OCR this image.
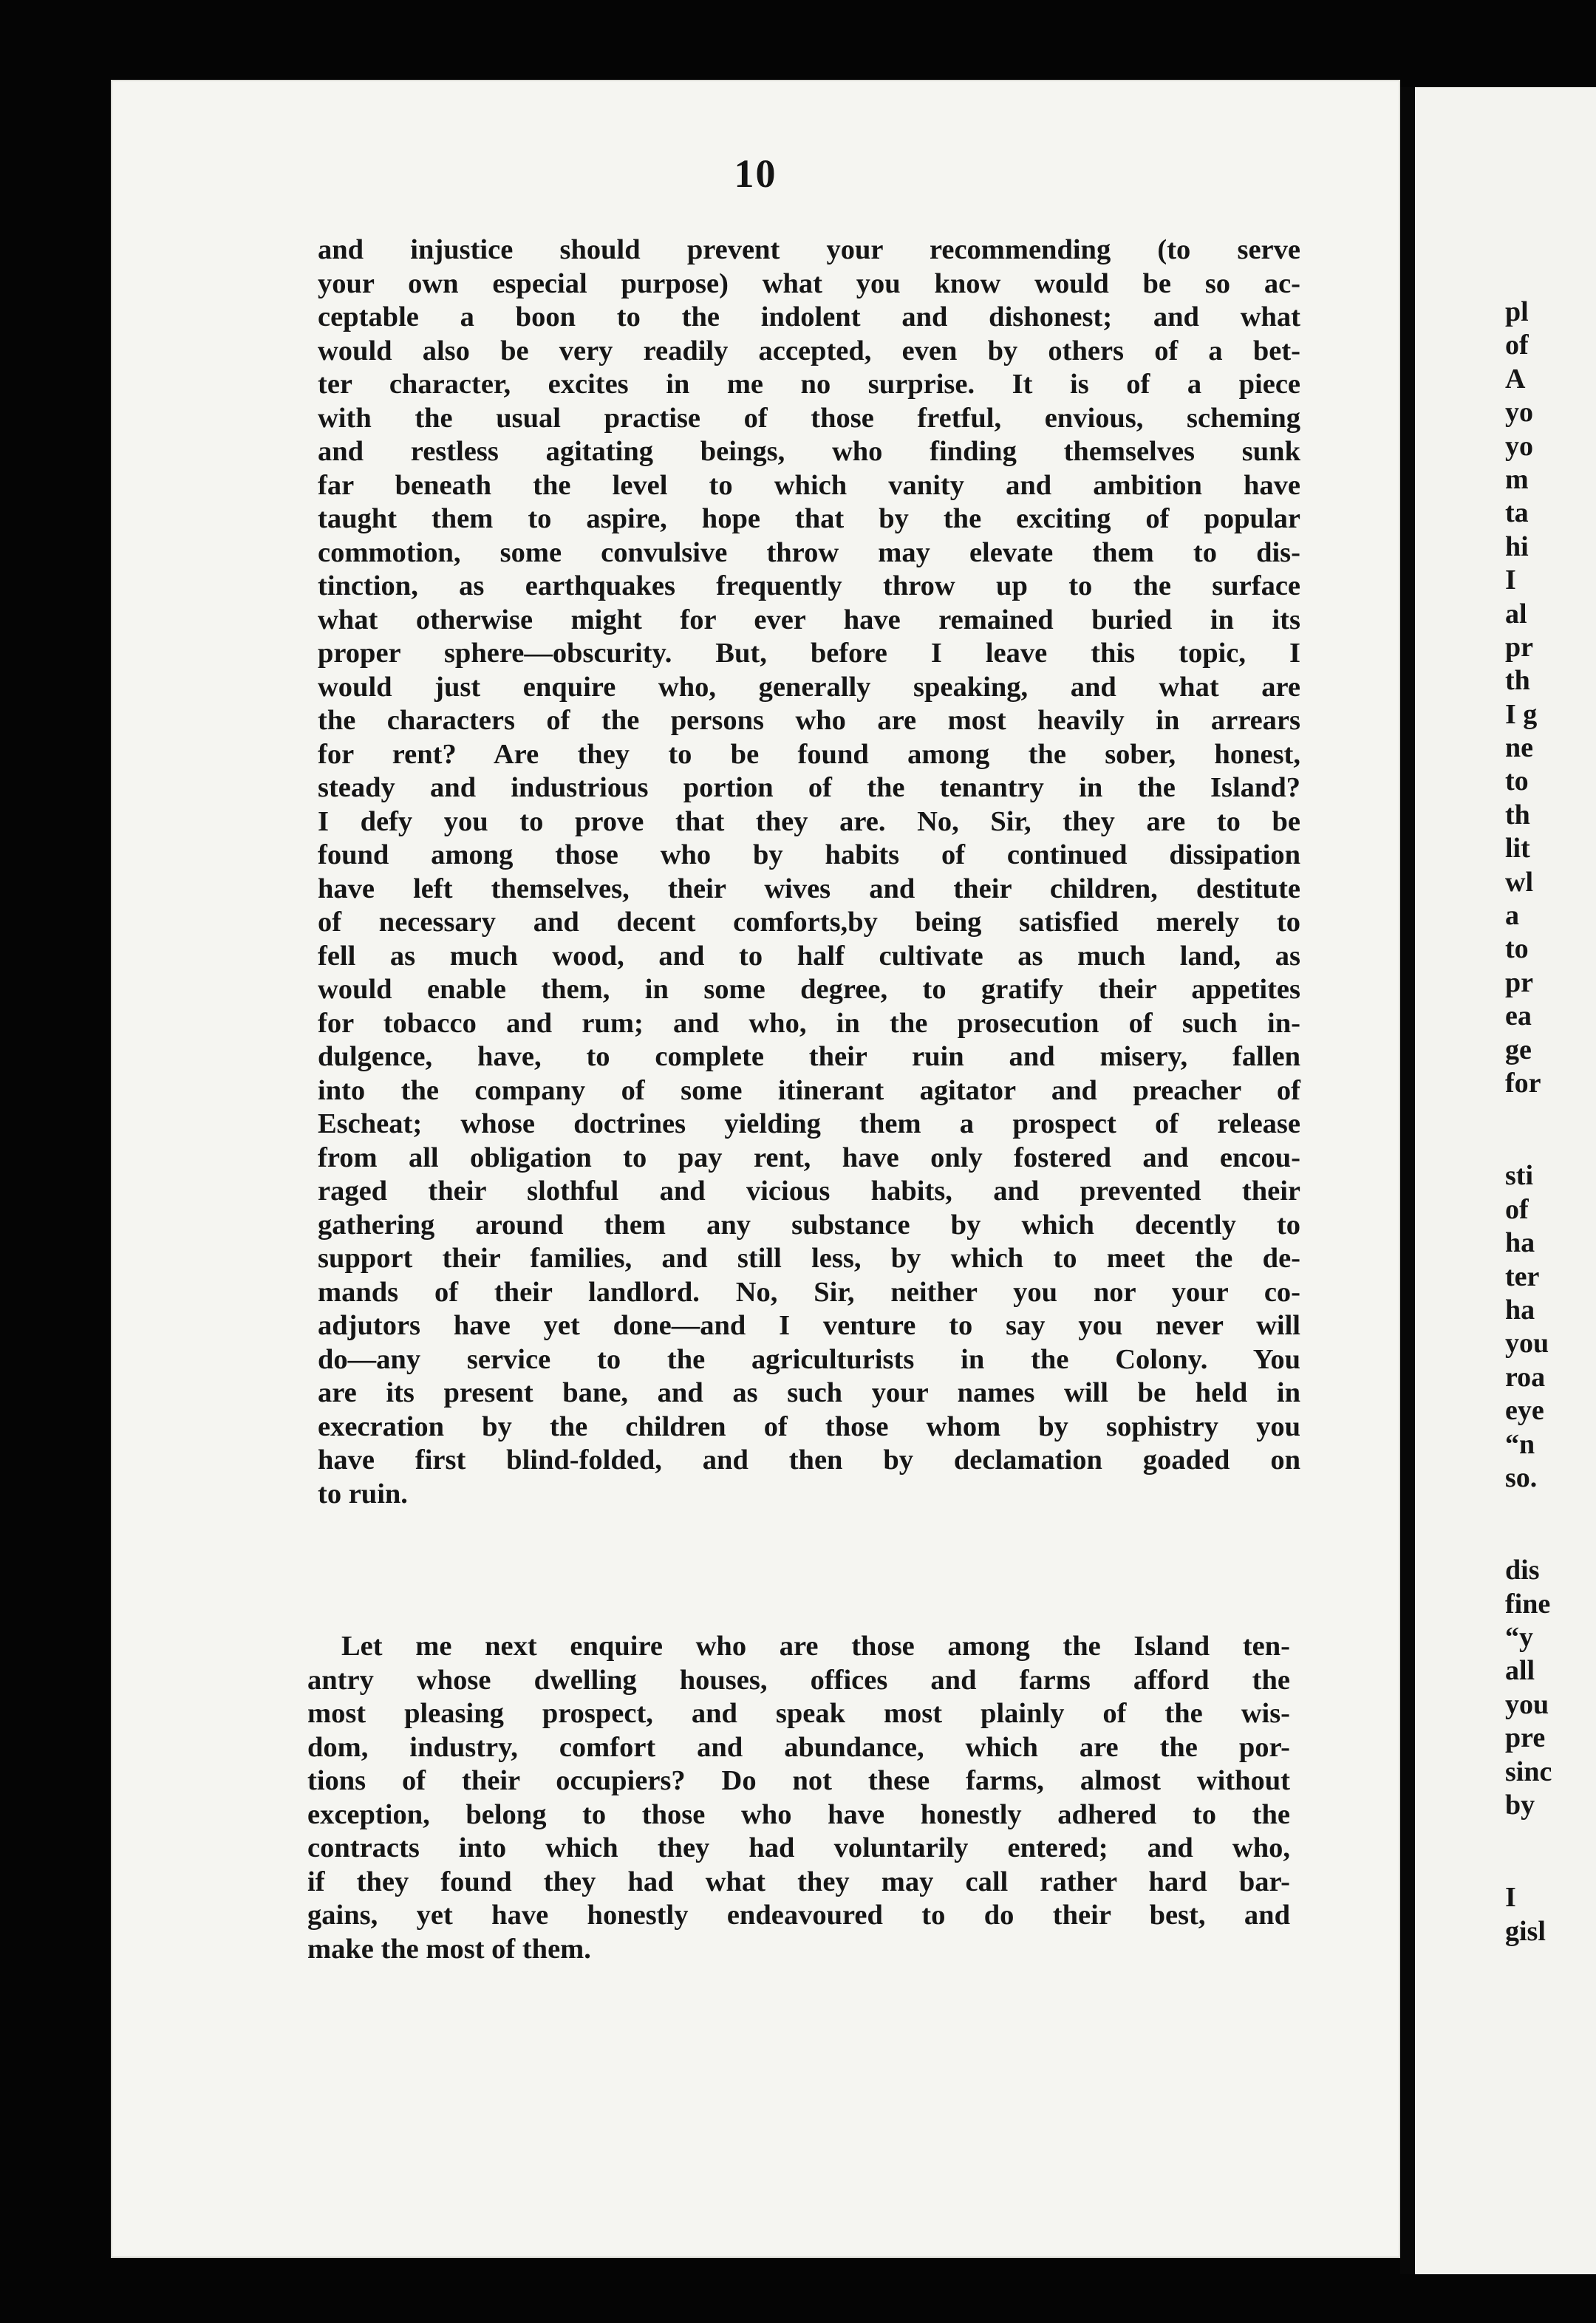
10

and injustice should prevent your recommending (to serve
your own especial purpose) what you know would be so ac-
ceptable a boon to the indolent and dishonest; and what
would also be very readily accepted, even by others of a bet-
ter character, excites in me no surprise. It is of a piece
with the usual practise of those fretful, envious, scheming
and restless agitating beings, who finding themselves sunk
far beneath the level to which vanity and ambition have
taught them to aspire, hope that by the exciting of popular
commotion, some convulsive throw may elevate them to dis-
tinction, as earthquakes frequently throw up to the surface
what otherwise might for ever have remained buried in its
proper sphere—obscurity. But, before I leave this topic, I
would just enquire who, generally speaking, and what are
the characters of the persons who are most heavily in arrears
for rent? Are they to be found among the sober, honest,
steady and industrious portion of the tenantry in the Island?
I defy you to prove that they are. No, Sir, they are to be
found among those who by habits of continued dissipation
have left themselves, their wives and their children, destitute
of necessary and decent comforts,by being satisfied merely to
fell as much wood, and to half cultivate as much land, as
would enable them, in some degree, to gratify their appetites
for tobacco and rum; and who, in the prosecution of such in-
dulgence, have, to complete their ruin and misery, fallen
into the company of some itinerant agitator and preacher of
Escheat; whose doctrines yielding them a prospect of release
from all obligation to pay rent, have only fostered and encou-
raged their slothful and vicious habits, and prevented their
gathering around them any substance by which decently to
support their families, and still less, by which to meet the de-
mands of their landlord. No, Sir, neither you nor your co-
adjutors have yet done—and I venture to say you never will
do—any service to the agriculturists in the Colony. You
are its present bane, and as such your names will be held in
execration by the children of those whom by sophistry you
have first blind-folded, and then by declamation goaded on
to ruin.

Let me next enquire who are those among the Island ten-
antry whose dwelling houses, offices and farms afford the
most pleasing prospect, and speak most plainly of the wis-
dom, industry, comfort and abundance, which are the por-
tions of their occupiers? Do not these farms, almost without
exception, belong to those who have honestly adhered to the
contracts into which they had voluntarily entered; and who,
if they found they had what they may call rather hard bar-
gains, yet have honestly endeavoured to do their best, and
make the most of them.

pl
of
A
yo
yo
m
ta
hi
I
al
pr
th
I g
ne
to
th
lit
wl
a
to
pr
ea
ge
for
sti
of
ha
ter
ha
you
roa
eye
“n
so.
dis
fine
“y
all
you
pre
sinc
by
I
gisl
